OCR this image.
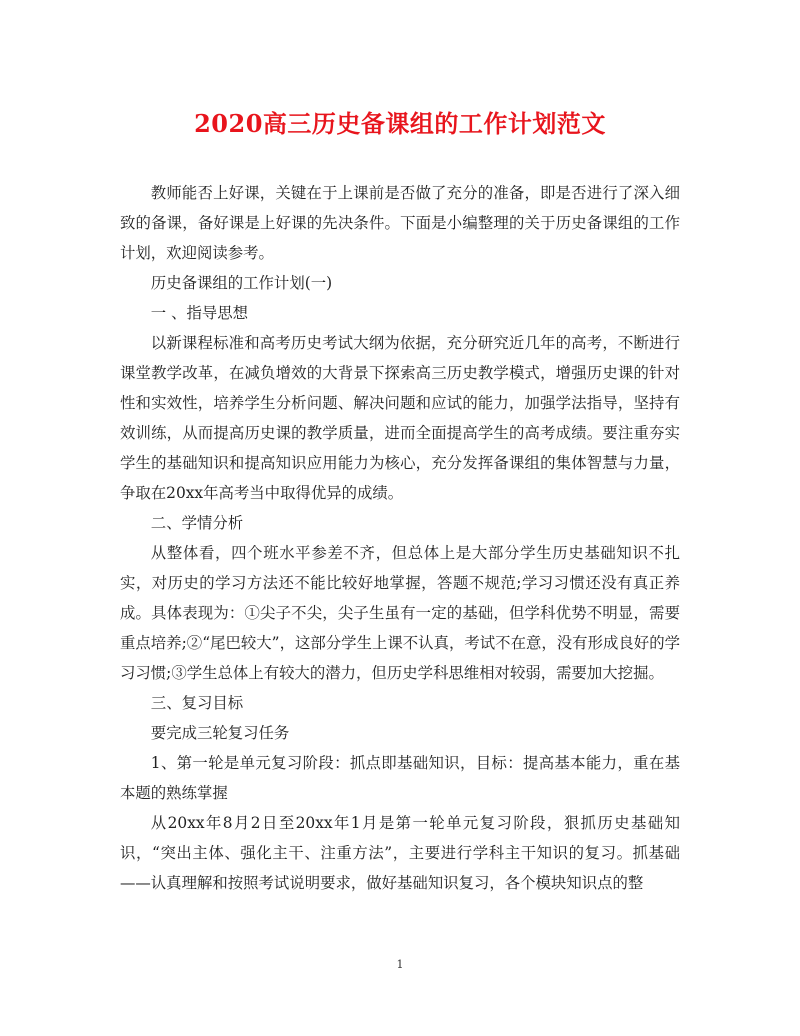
2020高三历史备课组的工作计划范文

教师能否上好课，关键在于上课前是否做了充分的准备，即是否进行了深入细致的备课，备好课是上好课的先决条件。下面是小编整理的关于历史备课组的工作计划，欢迎阅读参考。

历史备课组的工作计划(一)

一 、指导思想

以新课程标准和高考历史考试大纲为依据，充分研究近几年的高考，不断进行课堂教学改革，在减负增效的大背景下探索高三历史教学模式，增强历史课的针对性和实效性，培养学生分析问题、解决问题和应试的能力，加强学法指导，坚持有效训练，从而提高历史课的教学质量，进而全面提高学生的高考成绩。要注重夯实学生的基础知识和提高知识应用能力为核心，充分发挥备课组的集体智慧与力量，争取在20xx年高考当中取得优异的成绩。

二、学情分析

从整体看，四个班水平参差不齐，但总体上是大部分学生历史基础知识不扎实，对历史的学习方法还不能比较好地掌握，答题不规范;学习习惯还没有真正养成。具体表现为：①尖子不尖，尖子生虽有一定的基础，但学科优势不明显，需要重点培养;②“尾巴较大”，这部分学生上课不认真，考试不在意，没有形成良好的学习习惯;③学生总体上有较大的潜力，但历史学科思维相对较弱，需要加大挖掘。

三、复习目标

要完成三轮复习任务

1、第一轮是单元复习阶段：抓点即基础知识，目标：提高基本能力，重在基本题的熟练掌握

从20xx年8月2日至20xx年1月是第一轮单元复习阶段，狠抓历史基础知识，“突出主体、强化主干、注重方法”，主要进行学科主干知识的复习。抓基础——认真理解和按照考试说明要求，做好基础知识复习，各个模块知识点的整

1
